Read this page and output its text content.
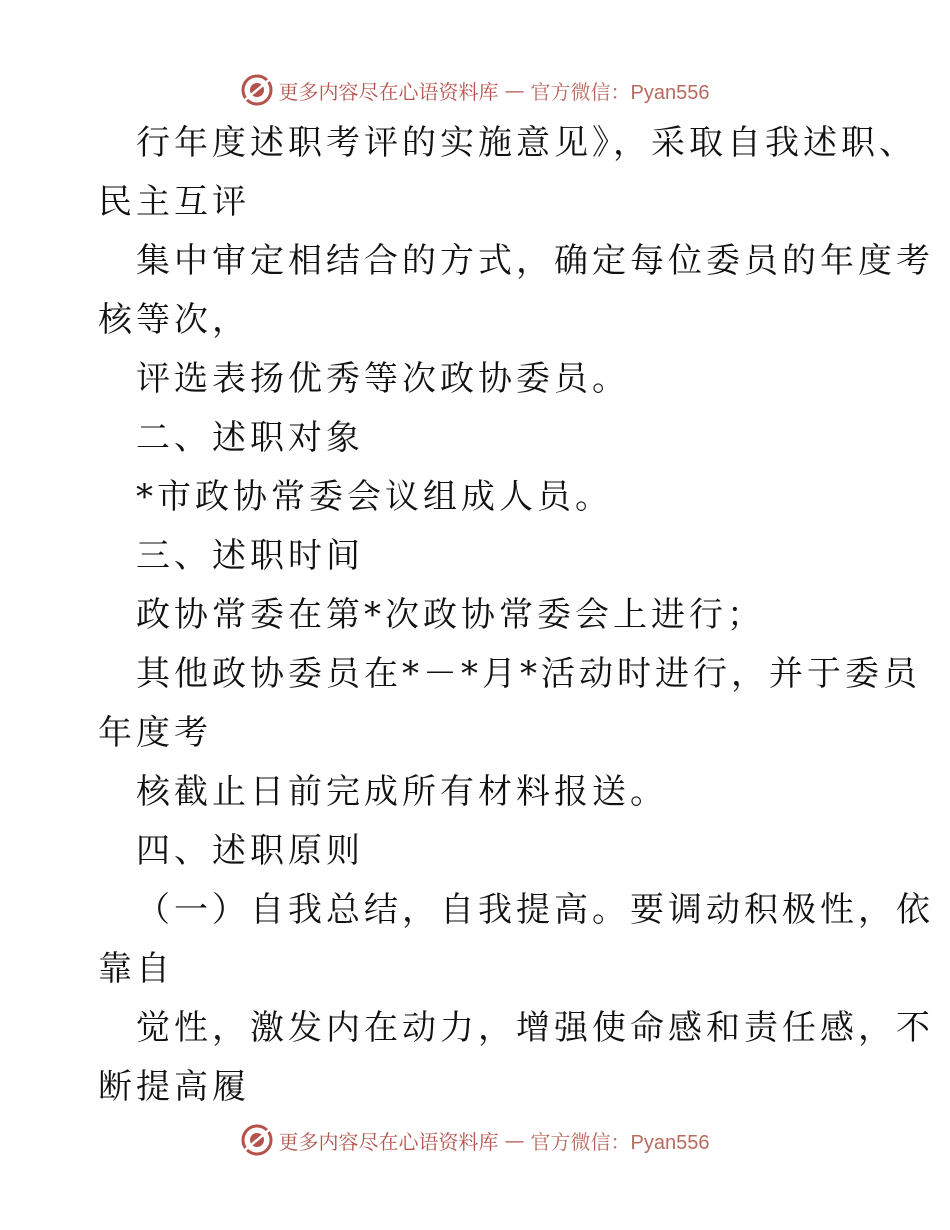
更多内容尽在心语资料库 — 官方微信：Pyan556
行年度述职考评的实施意见》，采取自我述职、
民主互评
集中审定相结合的方式，确定每位委员的年度考
核等次，
评选表扬优秀等次政协委员。
二、述职对象
*市政协常委会议组成人员。
三、述职时间
政协常委在第*次政协常委会上进行；
其他政协委员在*－*月*活动时进行，并于委员
年度考
核截止日前完成所有材料报送。
四、述职原则
（一）自我总结，自我提高。要调动积极性，依
靠自
觉性，激发内在动力，增强使命感和责任感，不
断提高履
更多内容尽在心语资料库 — 官方微信：Pyan556
